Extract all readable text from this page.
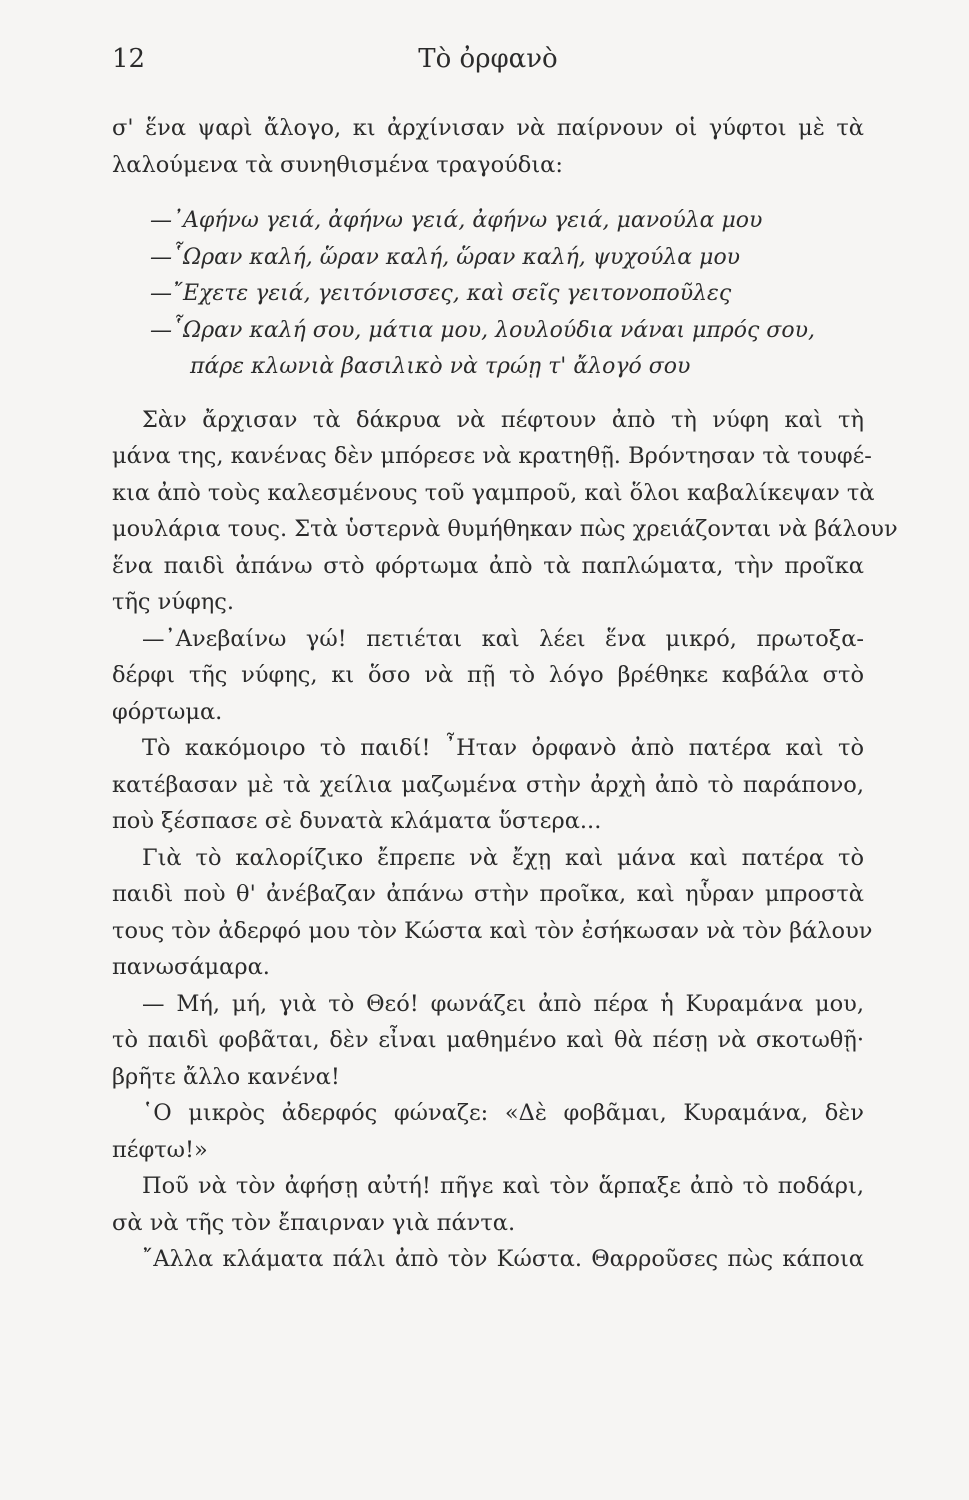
12	Τὸ ὀρφανὸ
σ' ἕνα ψαρὶ ἄλογο, κι ἀρχίνισαν νὰ παίρνουν οἱ γύφτοι μὲ τὰ
λαλούμενα τὰ συνηθισμένα τραγούδια:
—᾽Αφήνω γειά, ἀφήνω γειά, ἀφήνω γειά, μανούλα μου
—῟Ωραν καλή, ὥραν καλή, ὥραν καλή, ψυχούλα μου
—῎Εχετε γειά, γειτόνισσες, καὶ σεῖς γειτονοποῦλες
—῟Ωραν καλή σου, μάτια μου, λουλούδια νάναι μπρός σου,
πάρε κλωνιὰ βασιλικὸ νὰ τρώῃ τ' ἄλογό σου
Σὰν ἄρχισαν τὰ δάκρυα νὰ πέφτουν ἀπὸ τὴ νύφη καὶ τὴ
μάνα της, κανένας δὲν μπόρεσε νὰ κρατηθῇ. Βρόντησαν τὰ τουφέ-
κια ἀπὸ τοὺς καλεσμένους τοῦ γαμπροῦ, καὶ ὅλοι καβαλίκεψαν τὰ
μουλάρια τους. Στὰ ὑστερνὰ θυμήθηκαν πὼς χρειάζονται νὰ βάλουν
ἕνα παιδὶ ἀπάνω στὸ φόρτωμα ἀπὸ τὰ παπλώματα, τὴν προῖκα
τῆς νύφης.
—᾽Ανεβαίνω γώ! πετιέται καὶ λέει ἕνα μικρό, πρωτοξα-
δέρφι τῆς νύφης, κι ὅσο νὰ πῇ τὸ λόγο βρέθηκε καβάλα στὸ
φόρτωμα.
Τὸ κακόμοιρο τὸ παιδί! ῏Ηταν ὀρφανὸ ἀπὸ πατέρα καὶ τὸ
κατέβασαν μὲ τὰ χείλια μαζωμένα στὴν ἀρχὴ ἀπὸ τὸ παράπονο,
ποὺ ξέσπασε σὲ δυνατὰ κλάματα ὕστερα...
Γιὰ τὸ καλορίζικο ἔπρεπε νὰ ἔχῃ καὶ μάνα καὶ πατέρα τὸ
παιδὶ ποὺ θ' ἀνέβαζαν ἀπάνω στὴν προῖκα, καὶ ηὗραν μπροστὰ
τους τὸν ἀδερφό μου τὸν Κώστα καὶ τὸν ἐσήκωσαν νὰ τὸν βάλουν
πανωσάμαρα.
— Μή, μή, γιὰ τὸ Θεό! φωνάζει ἀπὸ πέρα ἡ Κυραμάνα μου,
τὸ παιδὶ φοβᾶται, δὲν εἶναι μαθημένο καὶ θὰ πέσῃ νὰ σκοτωθῇ·
βρῆτε ἄλλο κανένα!
῾Ο μικρὸς ἀδερφός φώναζε: «Δὲ φοβᾶμαι, Κυραμάνα, δὲν
πέφτω!»
Ποῦ νὰ τὸν ἀφήσῃ αὐτή! πῆγε καὶ τὸν ἅρπαξε ἀπὸ τὸ ποδάρι,
σὰ νὰ τῆς τὸν ἔπαιρναν γιὰ πάντα.
῎Αλλα κλάματα πάλι ἀπὸ τὸν Κώστα. Θαρροῦσες πὼς κάποια
